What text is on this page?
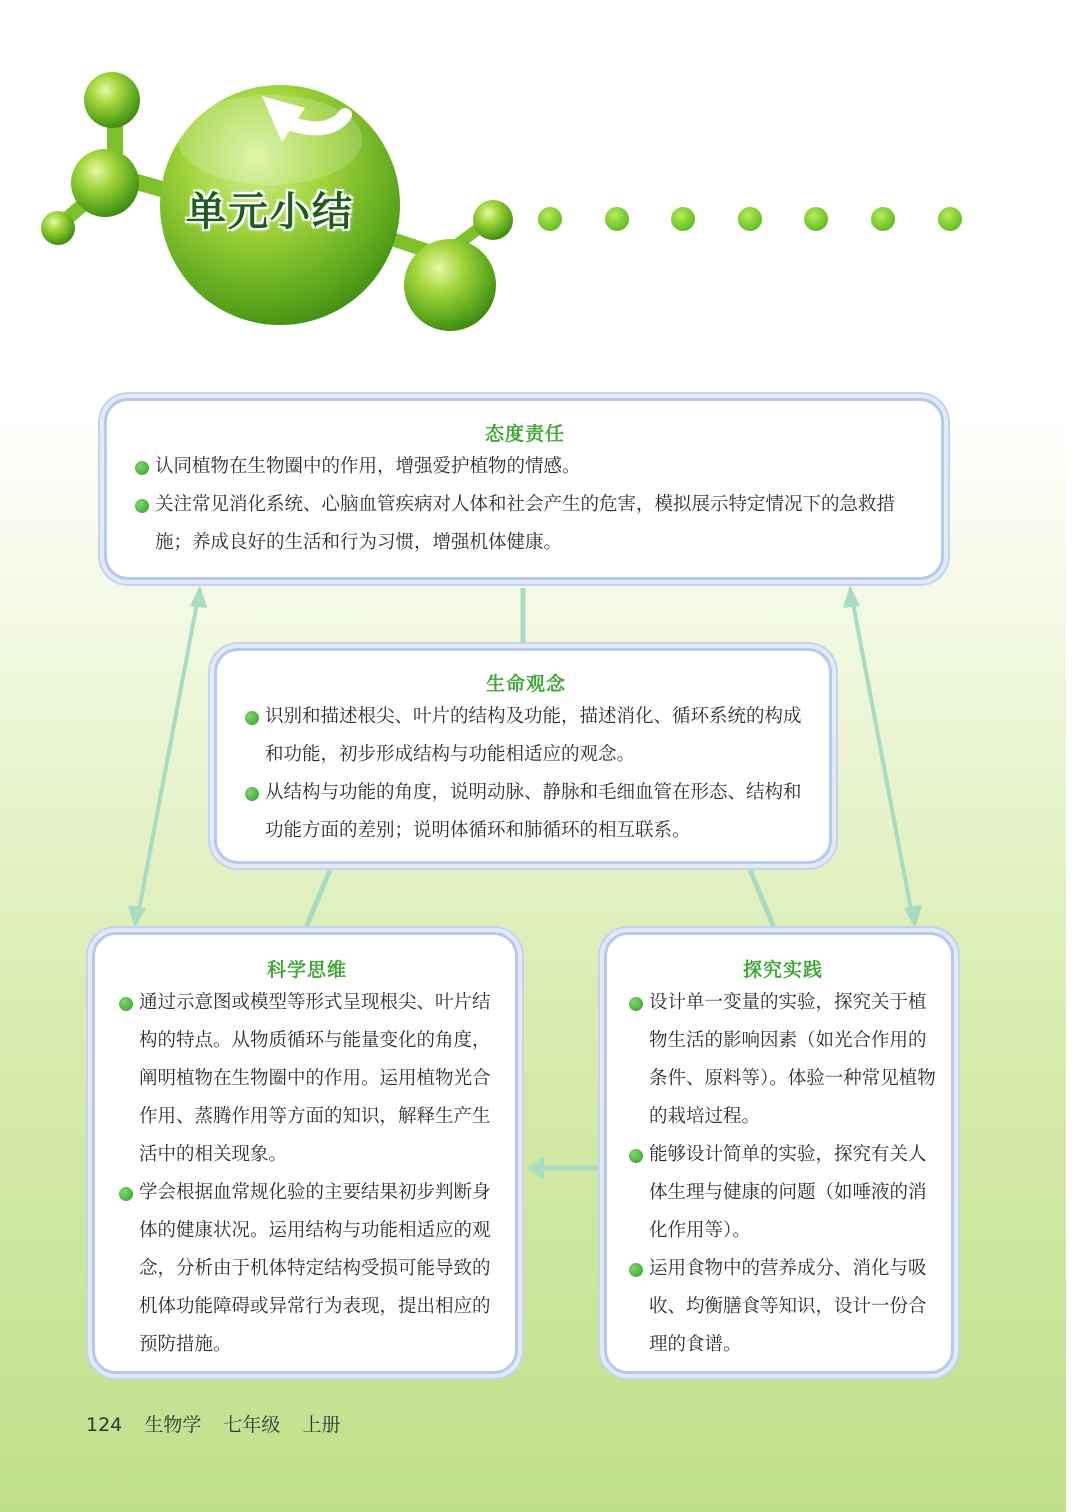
单元小结
态度责任

认同植物在生物圈中的作用，增强爱护植物的情感。

关注常见消化系统、心脑血管疾病对人体和社会产生的危害，模拟展示特定情况下的急救措施；养成良好的生活和行为习惯，增强机体健康。

生命观念

识别和描述根尖、叶片的结构及功能，描述消化、循环系统的构成和功能，初步形成结构与功能相适应的观念。

从结构与功能的角度，说明动脉、静脉和毛细血管在形态、结构和功能方面的差别；说明体循环和肺循环的相互联系。

科学思维

通过示意图或模型等形式呈现根尖、叶片结构的特点。从物质循环与能量变化的角度，阐明植物在生物圈中的作用。运用植物光合作用、蒸腾作用等方面的知识，解释生产生活中的相关现象。

学会根据血常规化验的主要结果初步判断身体的健康状况。运用结构与功能相适应的观念，分析由于机体特定结构受损可能导致的机体功能障碍或异常行为表现，提出相应的预防措施。

探究实践

设计单一变量的实验，探究关于植物生活的影响因素（如光合作用的条件、原料等）。体验一种常见植物的栽培过程。

能够设计简单的实验，探究有关人体生理与健康的问题（如唾液的消化作用等）。

运用食物中的营养成分、消化与吸收、均衡膳食等知识，设计一份合理的食谱。

124 生物学 七年级 上册
